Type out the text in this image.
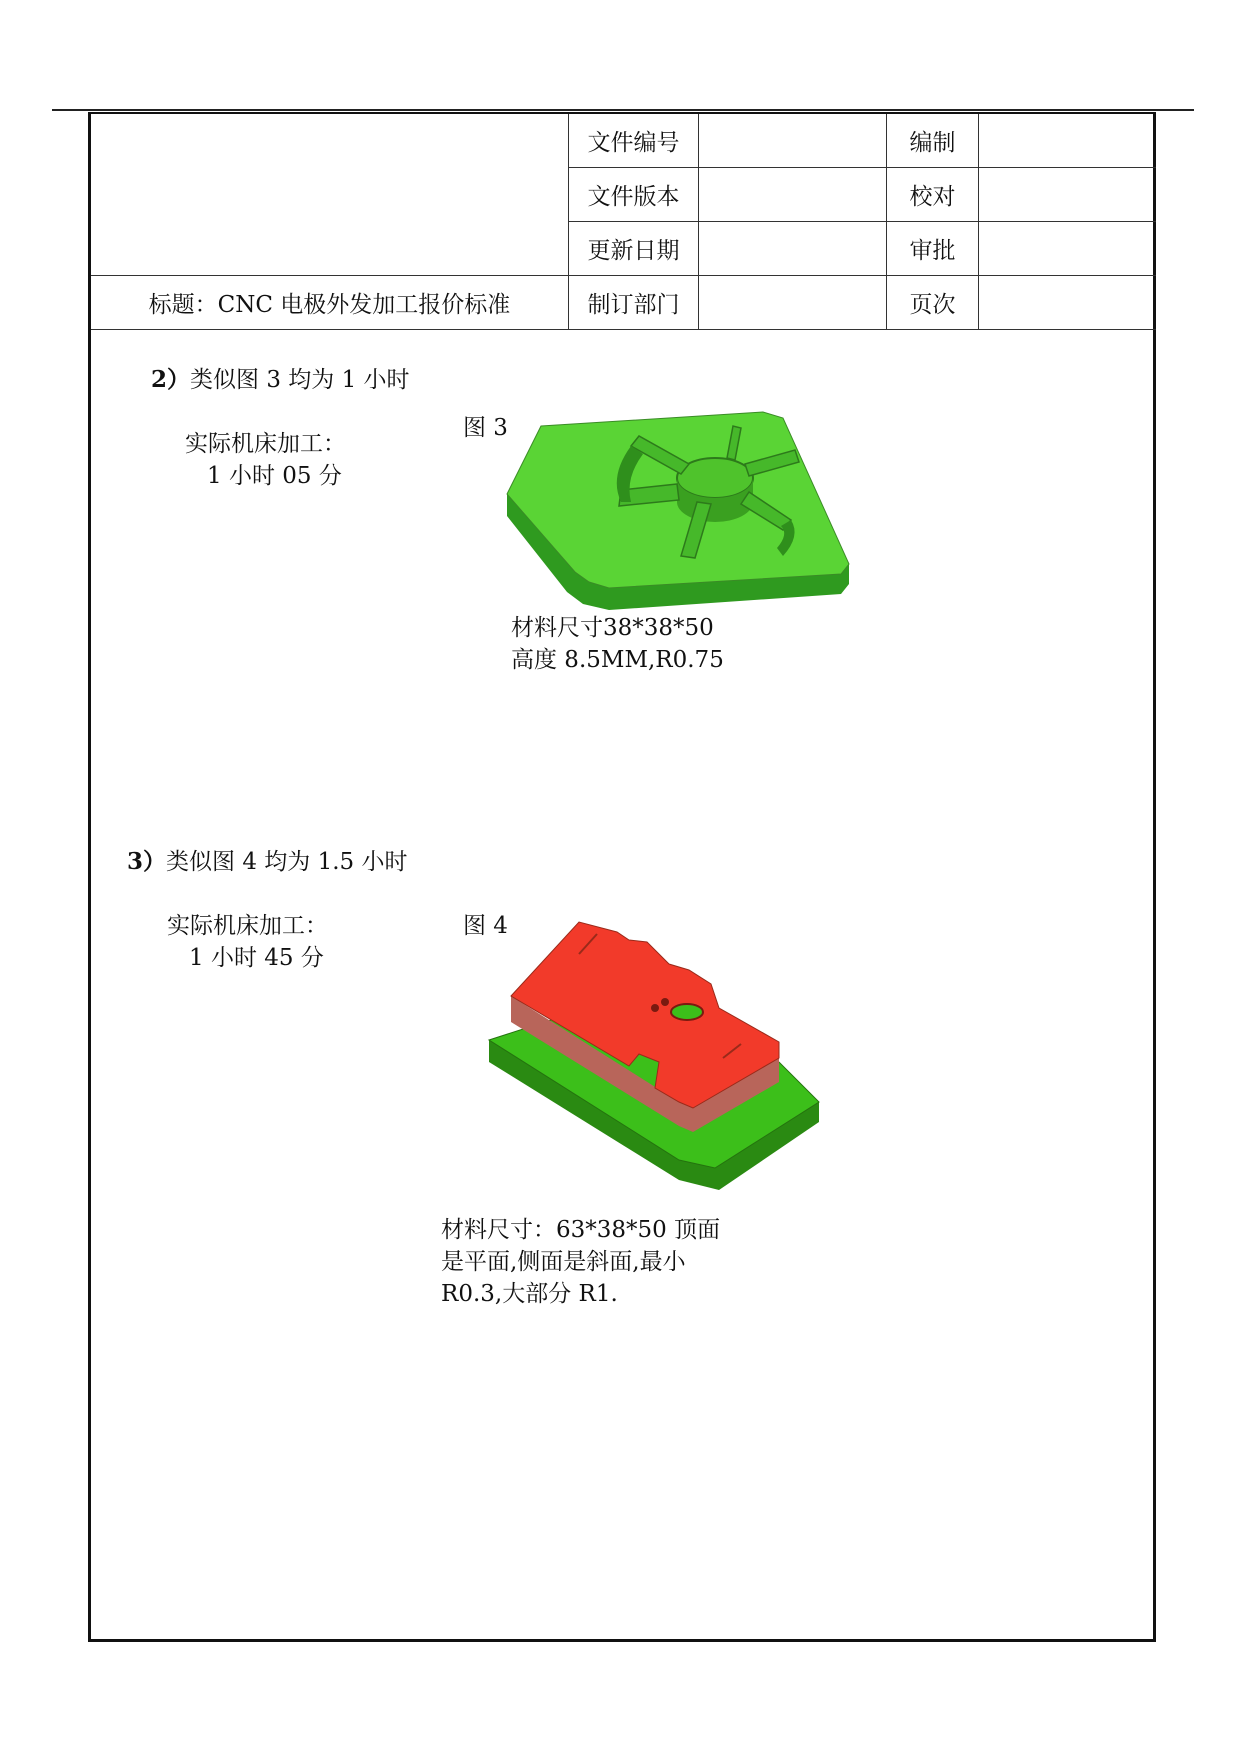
标题：CNC 电极外发加工报价标准
文件编号	编制
文件版本	校对
更新日期	审批
制订部门	页次
2）类似图 3 均为 1 小时
实际机床加工：
1 小时 05 分
图 3
材料尺寸38*38*50
高度 8.5MM,R0.75
3）类似图 4 均为 1.5 小时
实际机床加工：
1 小时 45 分
图 4
材料尺寸：63*38*50 顶面
是平面,侧面是斜面,最小
R0.3,大部分 R1.
